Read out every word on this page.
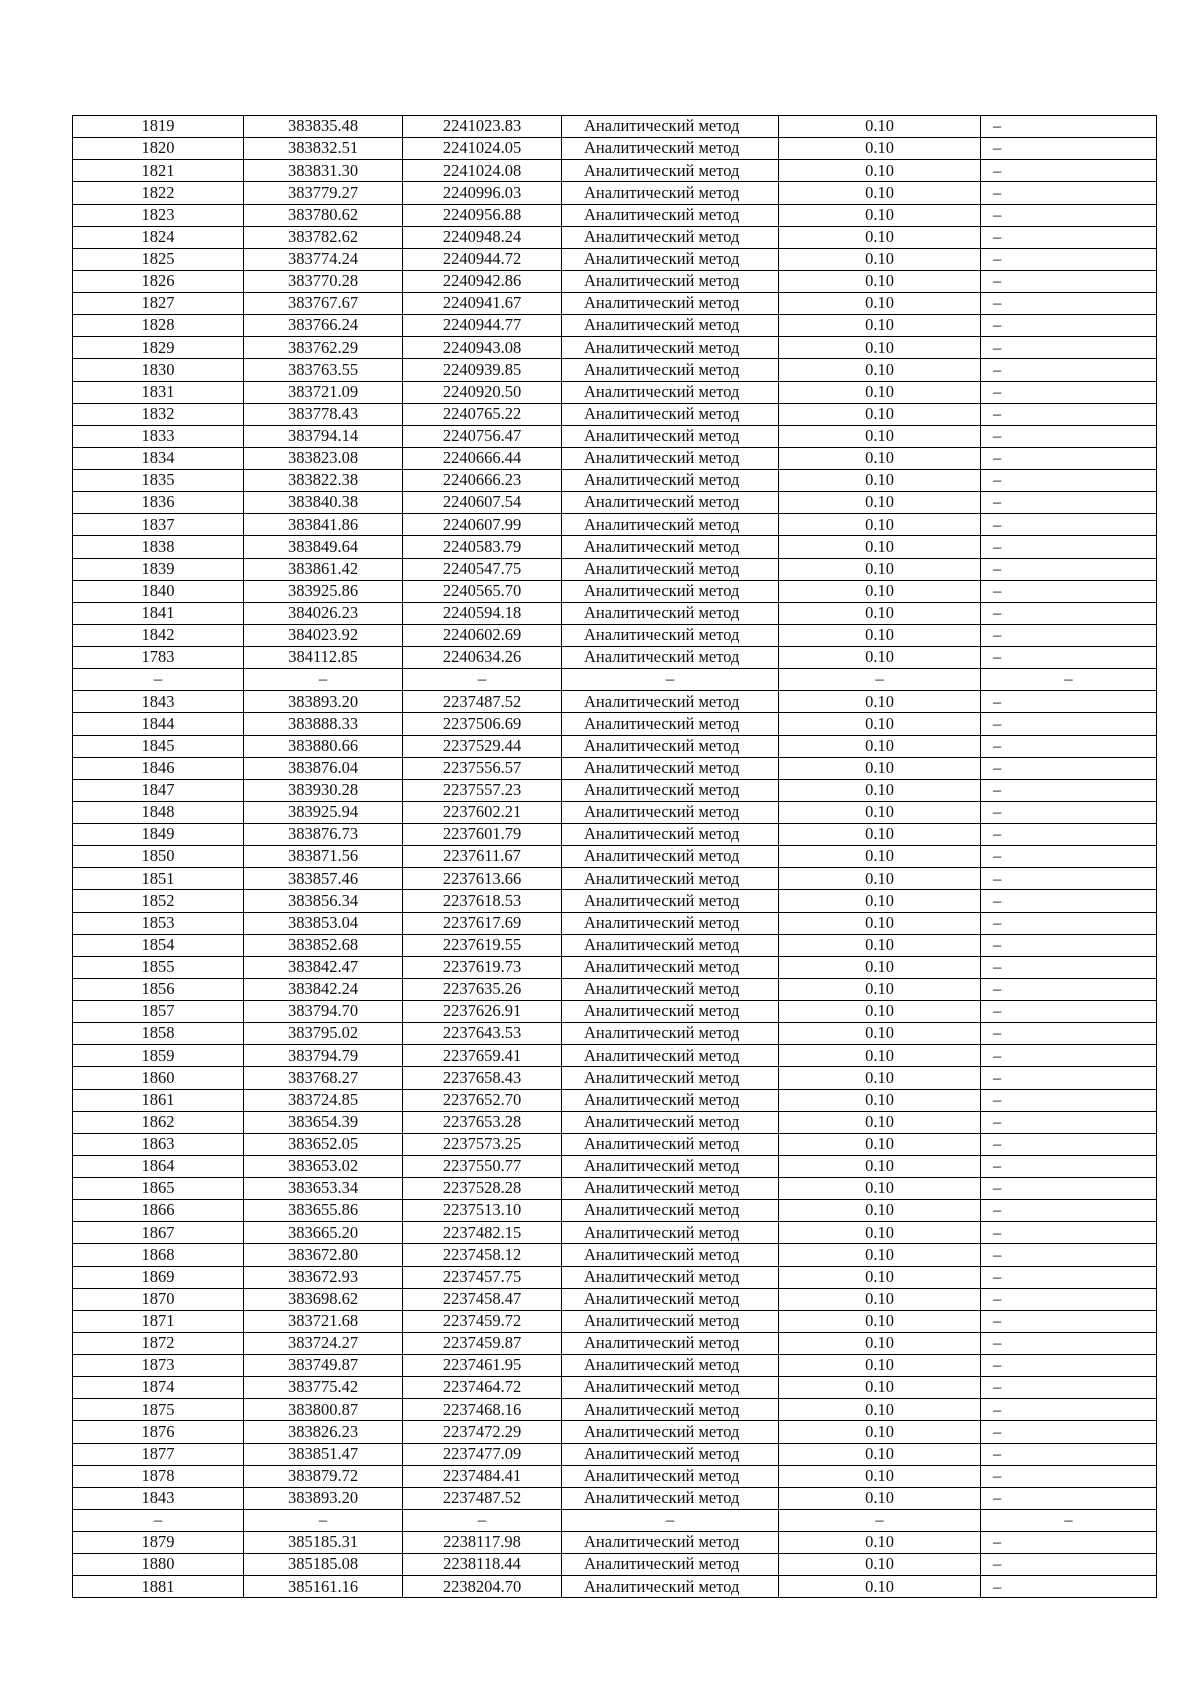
1819	383835.48	2241023.83	Аналитический метод	0.10	–
1820	383832.51	2241024.05	Аналитический метод	0.10	–
1821	383831.30	2241024.08	Аналитический метод	0.10	–
1822	383779.27	2240996.03	Аналитический метод	0.10	–
1823	383780.62	2240956.88	Аналитический метод	0.10	–
1824	383782.62	2240948.24	Аналитический метод	0.10	–
1825	383774.24	2240944.72	Аналитический метод	0.10	–
1826	383770.28	2240942.86	Аналитический метод	0.10	–
1827	383767.67	2240941.67	Аналитический метод	0.10	–
1828	383766.24	2240944.77	Аналитический метод	0.10	–
1829	383762.29	2240943.08	Аналитический метод	0.10	–
1830	383763.55	2240939.85	Аналитический метод	0.10	–
1831	383721.09	2240920.50	Аналитический метод	0.10	–
1832	383778.43	2240765.22	Аналитический метод	0.10	–
1833	383794.14	2240756.47	Аналитический метод	0.10	–
1834	383823.08	2240666.44	Аналитический метод	0.10	–
1835	383822.38	2240666.23	Аналитический метод	0.10	–
1836	383840.38	2240607.54	Аналитический метод	0.10	–
1837	383841.86	2240607.99	Аналитический метод	0.10	–
1838	383849.64	2240583.79	Аналитический метод	0.10	–
1839	383861.42	2240547.75	Аналитический метод	0.10	–
1840	383925.86	2240565.70	Аналитический метод	0.10	–
1841	384026.23	2240594.18	Аналитический метод	0.10	–
1842	384023.92	2240602.69	Аналитический метод	0.10	–
1783	384112.85	2240634.26	Аналитический метод	0.10	–
–	–	–	–	–	–
1843	383893.20	2237487.52	Аналитический метод	0.10	–
1844	383888.33	2237506.69	Аналитический метод	0.10	–
1845	383880.66	2237529.44	Аналитический метод	0.10	–
1846	383876.04	2237556.57	Аналитический метод	0.10	–
1847	383930.28	2237557.23	Аналитический метод	0.10	–
1848	383925.94	2237602.21	Аналитический метод	0.10	–
1849	383876.73	2237601.79	Аналитический метод	0.10	–
1850	383871.56	2237611.67	Аналитический метод	0.10	–
1851	383857.46	2237613.66	Аналитический метод	0.10	–
1852	383856.34	2237618.53	Аналитический метод	0.10	–
1853	383853.04	2237617.69	Аналитический метод	0.10	–
1854	383852.68	2237619.55	Аналитический метод	0.10	–
1855	383842.47	2237619.73	Аналитический метод	0.10	–
1856	383842.24	2237635.26	Аналитический метод	0.10	–
1857	383794.70	2237626.91	Аналитический метод	0.10	–
1858	383795.02	2237643.53	Аналитический метод	0.10	–
1859	383794.79	2237659.41	Аналитический метод	0.10	–
1860	383768.27	2237658.43	Аналитический метод	0.10	–
1861	383724.85	2237652.70	Аналитический метод	0.10	–
1862	383654.39	2237653.28	Аналитический метод	0.10	–
1863	383652.05	2237573.25	Аналитический метод	0.10	–
1864	383653.02	2237550.77	Аналитический метод	0.10	–
1865	383653.34	2237528.28	Аналитический метод	0.10	–
1866	383655.86	2237513.10	Аналитический метод	0.10	–
1867	383665.20	2237482.15	Аналитический метод	0.10	–
1868	383672.80	2237458.12	Аналитический метод	0.10	–
1869	383672.93	2237457.75	Аналитический метод	0.10	–
1870	383698.62	2237458.47	Аналитический метод	0.10	–
1871	383721.68	2237459.72	Аналитический метод	0.10	–
1872	383724.27	2237459.87	Аналитический метод	0.10	–
1873	383749.87	2237461.95	Аналитический метод	0.10	–
1874	383775.42	2237464.72	Аналитический метод	0.10	–
1875	383800.87	2237468.16	Аналитический метод	0.10	–
1876	383826.23	2237472.29	Аналитический метод	0.10	–
1877	383851.47	2237477.09	Аналитический метод	0.10	–
1878	383879.72	2237484.41	Аналитический метод	0.10	–
1843	383893.20	2237487.52	Аналитический метод	0.10	–
–	–	–	–	–	–
1879	385185.31	2238117.98	Аналитический метод	0.10	–
1880	385185.08	2238118.44	Аналитический метод	0.10	–
1881	385161.16	2238204.70	Аналитический метод	0.10	–
